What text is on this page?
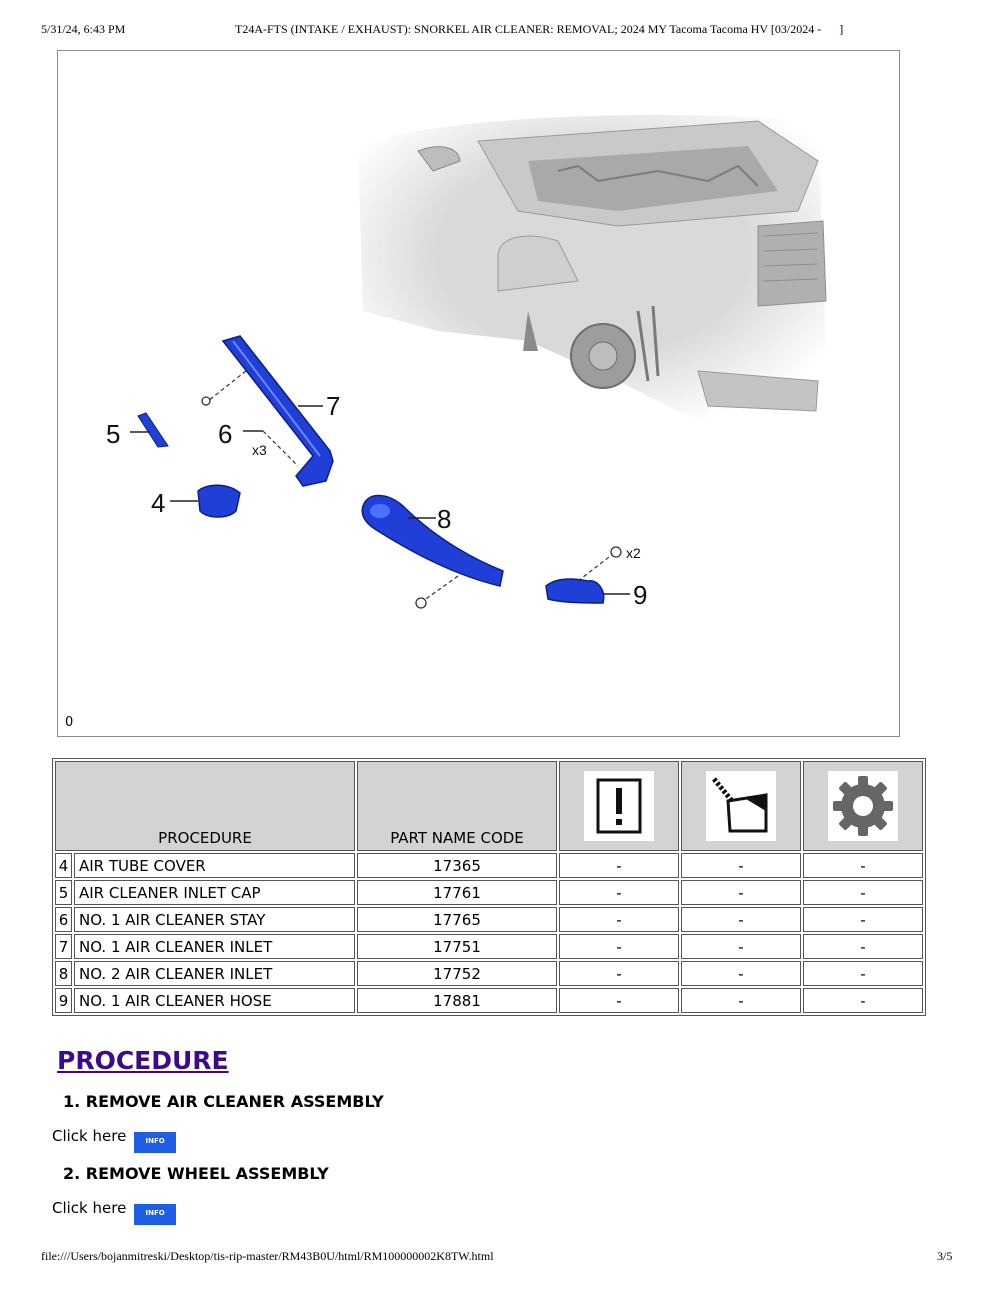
5/31/24, 6:43 PM	T24A-FTS (INTAKE / EXHAUST): SNORKEL AIR CLEANER: REMOVAL; 2024 MY Tacoma Tacoma HV [03/2024 -      ]
5	6
7
4
8
9
x3
x2
0
PROCEDURE		PART NAME CODE			
4	AIR TUBE COVER	17365	-	-	-
5	AIR CLEANER INLET CAP	17761	-	-	-
6	NO. 1 AIR CLEANER STAY	17765	-	-	-
7	NO. 1 AIR CLEANER INLET	17751	-	-	-
8	NO. 2 AIR CLEANER INLET	17752	-	-	-
9	NO. 1 AIR CLEANER HOSE	17881	-	-	-
PROCEDURE
1. REMOVE AIR CLEANER ASSEMBLY
Click here	INFO
2. REMOVE WHEEL ASSEMBLY
Click here	INFO
file:///Users/bojanmitreski/Desktop/tis-rip-master/RM43B0U/html/RM100000002K8TW.html	3/5
